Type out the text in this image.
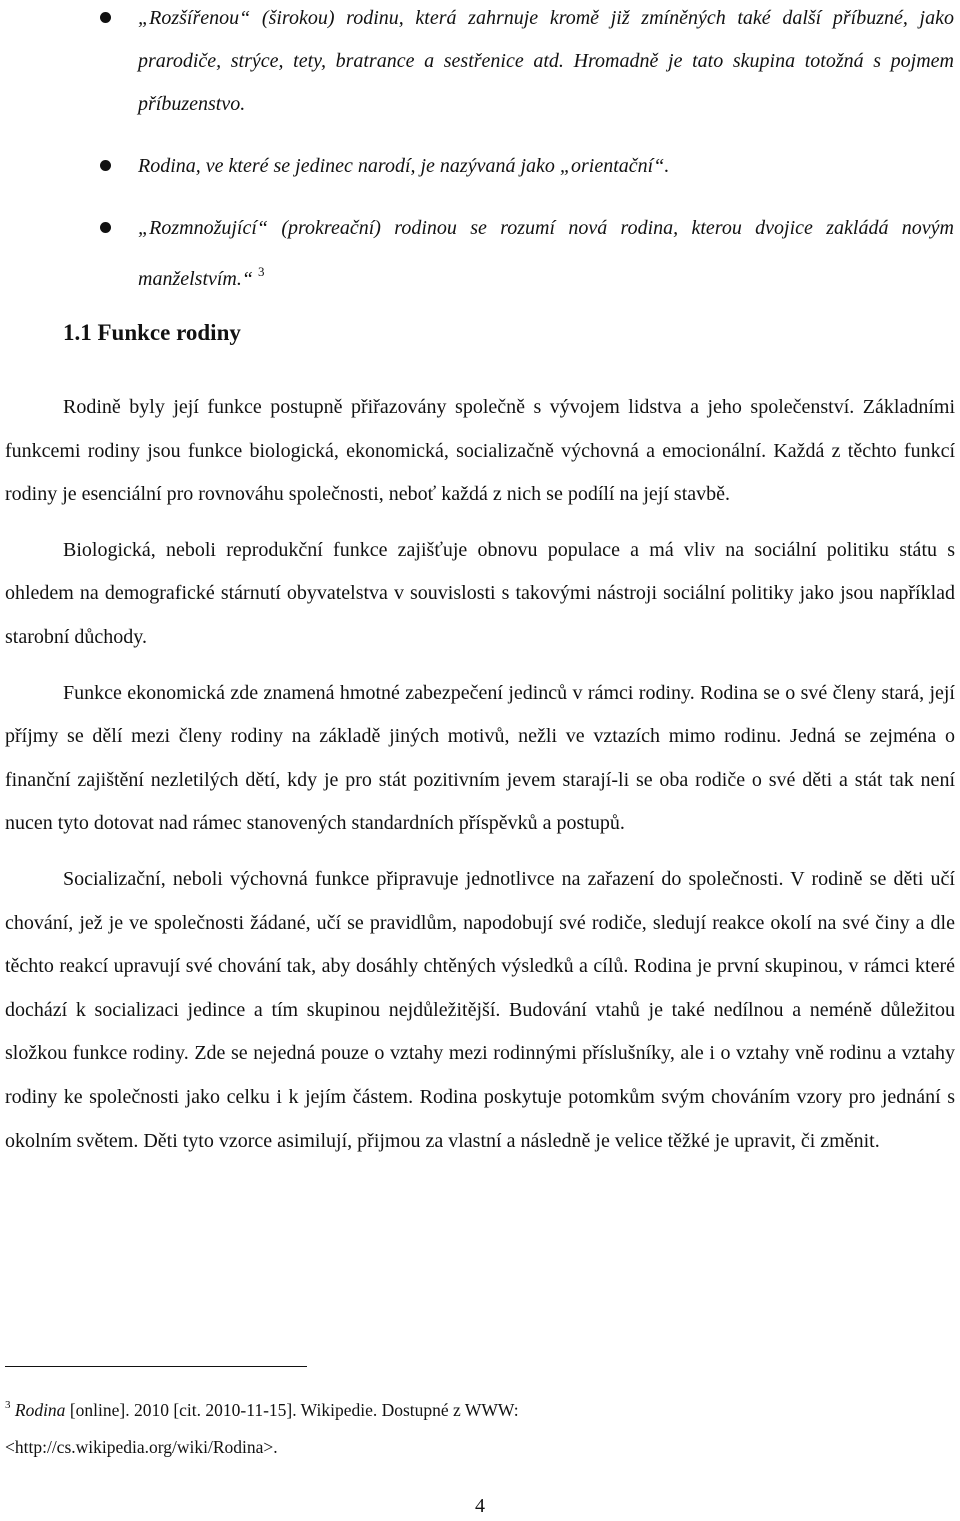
„Rozšířenou“ (širokou) rodinu, která zahrnuje kromě již zmíněných také další příbuzné, jako prarodiče, strýce, tety, bratrance a sestřenice atd. Hromadně je tato skupina totožná s pojmem příbuzenstvo.
Rodina, ve které se jedinec narodí, je nazývaná jako „orientační“.
„Rozmnožující“ (prokreační) rodinou se rozumí nová rodina, kterou dvojice zakládá novým manželstvím.“ $^3$
1.1 Funkce rodiny

Rodině byly její funkce postupně přiřazovány společně s vývojem lidstva a jeho společenství. Základními funkcemi rodiny jsou funkce biologická, ekonomická, socializačně výchovná a emocionální. Každá z těchto funkcí rodiny je esenciální pro rovnováhu společnosti, neboť každá z nich se podílí na její stavbě.

Biologická, neboli reprodukční funkce zajišťuje obnovu populace a má vliv na sociální politiku státu s ohledem na demografické stárnutí obyvatelstva v souvislosti s takovými nástroji sociální politiky jako jsou například starobní důchody.

Funkce ekonomická zde znamená hmotné zabezpečení jedinců v rámci rodiny. Rodina se o své členy stará, její příjmy se dělí mezi členy rodiny na základě jiných motivů, nežli ve vztazích mimo rodinu. Jedná se zejména o finanční zajištění nezletilých dětí, kdy je pro stát pozitivním jevem starají-li se oba rodiče o své děti a stát tak není nucen tyto dotovat nad rámec stanovených standardních příspěvků a postupů.

Socializační, neboli výchovná funkce připravuje jednotlivce na zařazení do společnosti. V rodině se děti učí chování, jež je ve společnosti žádané, učí se pravidlům, napodobují své rodiče, sledují reakce okolí na své činy a dle těchto reakcí upravují své chování tak, aby dosáhly chtěných výsledků a cílů. Rodina je první skupinou, v rámci které dochází k socializaci jedince a tím skupinou nejdůležitější. Budování vtahů je také nedílnou a neméně důležitou složkou funkce rodiny. Zde se nejedná pouze o vztahy mezi rodinnými příslušníky, ale i o vztahy vně rodinu a vztahy rodiny ke společnosti jako celku i k jejím částem. Rodina poskytuje potomkům svým chováním vzory pro jednání s okolním světem. Děti tyto vzorce asimilují, přijmou za vlastní a následně je velice těžké je upravit, či změnit.

$^3$ Rodina [online]. 2010 [cit. 2010-11-15]. Wikipedie. Dostupné z WWW:
<http://cs.wikipedia.org/wiki/Rodina>.
4
